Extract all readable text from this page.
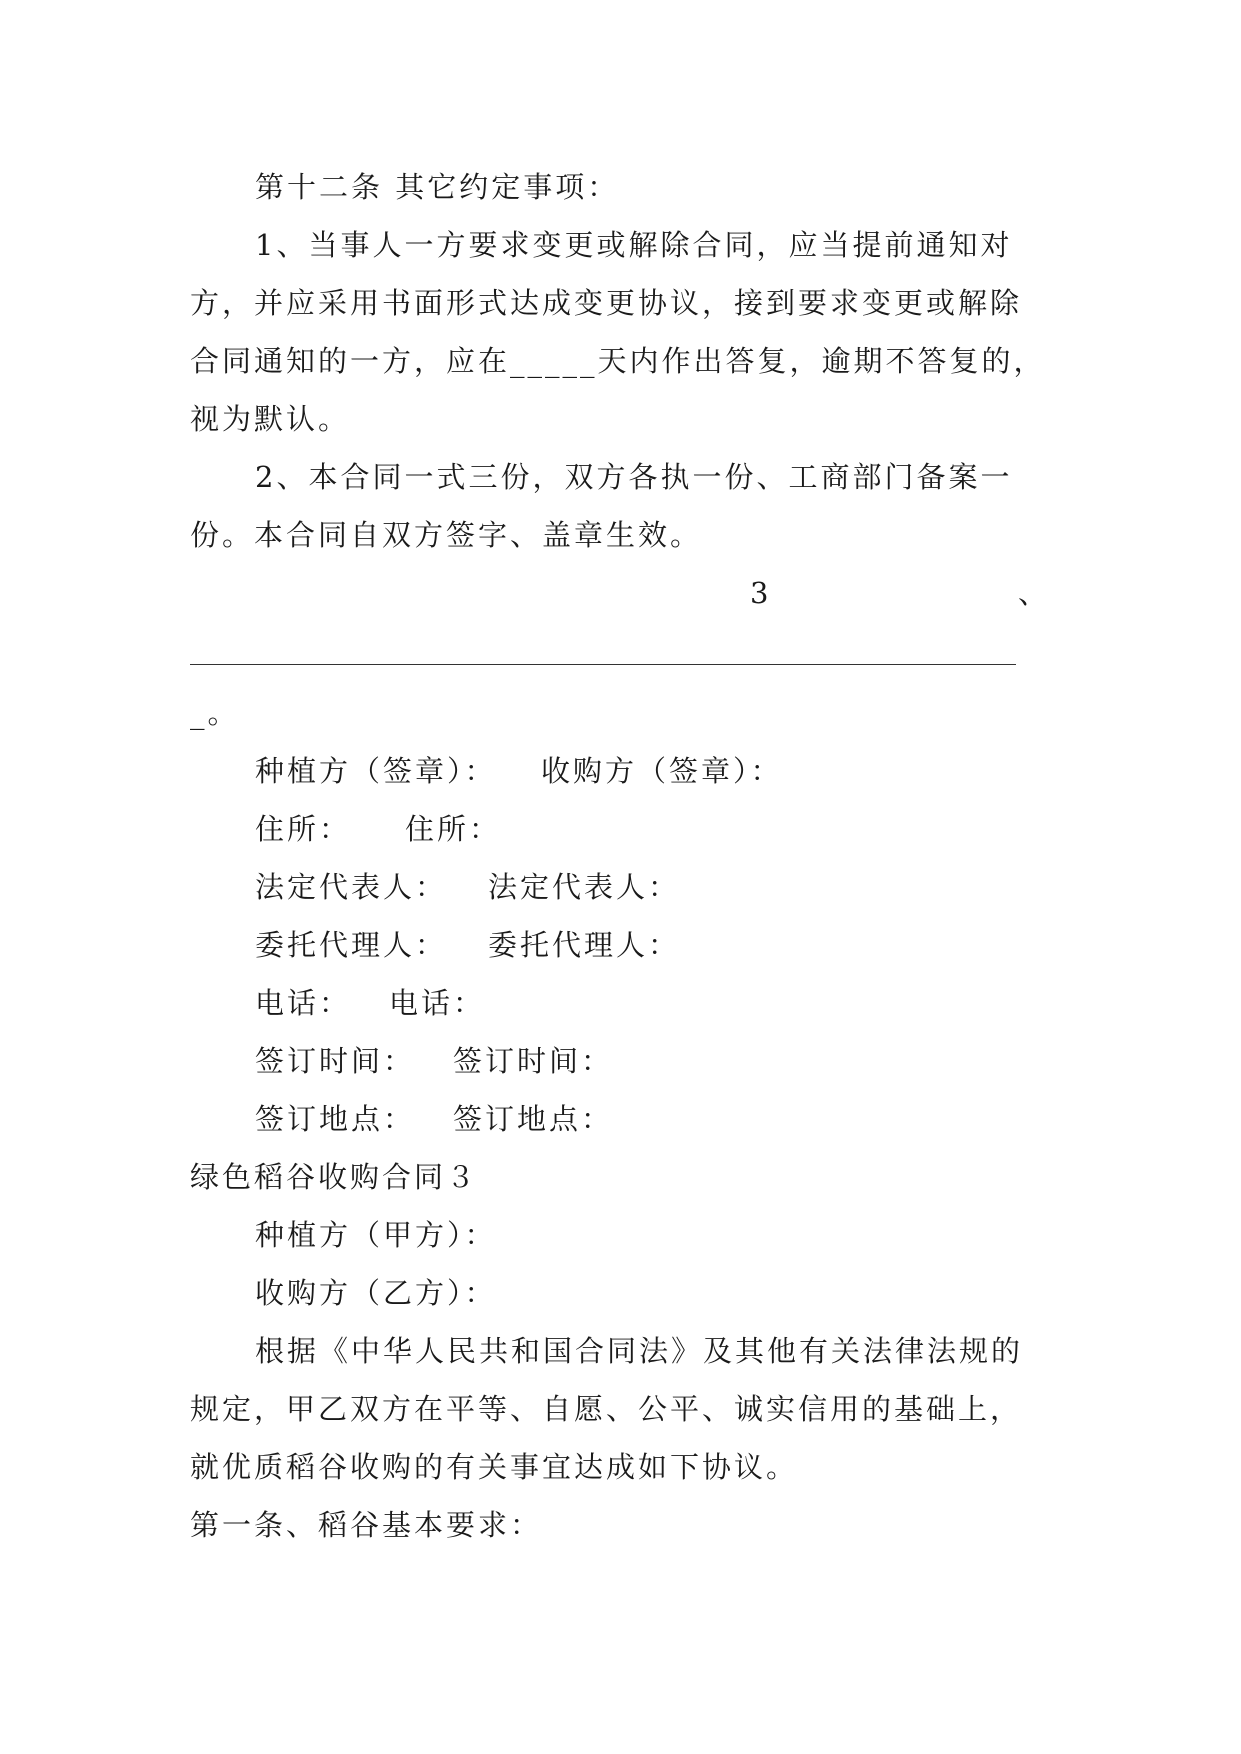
第十二条 其它约定事项：
1、当事人一方要求变更或解除合同，应当提前通知对
方，并应采用书面形式达成变更协议，接到要求变更或解除
合同通知的一方，应在_____天内作出答复，逾期不答复的，
视为默认。
2、本合同一式三份，双方各执一份、工商部门备案一
份。本合同自双方签字、盖章生效。
3	、
_。
种植方（签章）： 收购方（签章）：
住所： 住所：
法定代表人： 法定代表人：
委托代理人： 委托代理人：
电话： 电话：
签订时间： 签订时间：
签订地点： 签订地点：
绿色稻谷收购合同３
种植方（甲方）：
收购方（乙方）：
根据《中华人民共和国合同法》及其他有关法律法规的
规定，甲乙双方在平等、自愿、公平、诚实信用的基础上，
就优质稻谷收购的有关事宜达成如下协议。
第一条、稻谷基本要求：
